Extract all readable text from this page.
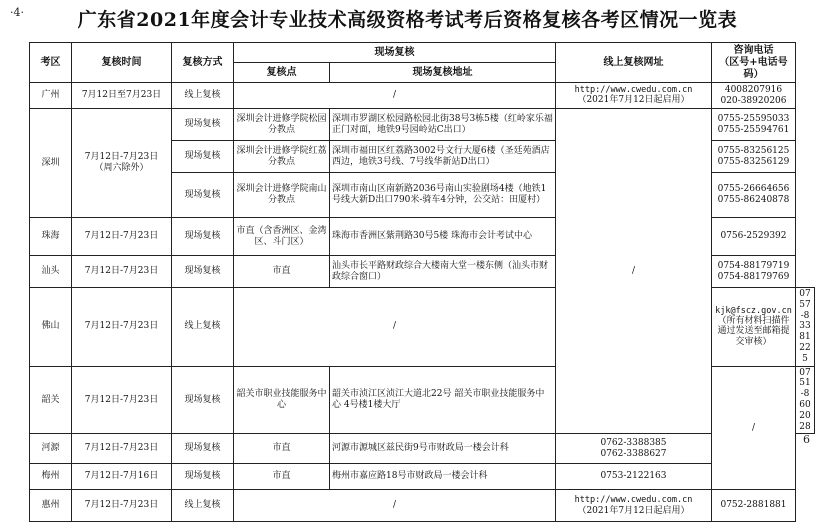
·4·
6
广东省2021年度会计专业技术高级资格考试考后资格复核各考区情况一览表
考区	复核时间	复核方式	现场复核		线上复核网址	咨询电话
（区号+电话号码）	

			复核点	现场复核地址			
广州	7月12日至7月23日	线上复核	/		http://www.cwedu.com.cn
（2021年7月12日起启用）	4008207916
020-38920206	

深圳	7月12日-7月23日
（周六除外）	现场复核	深圳会计进修学院松园分教点	深圳市罗湖区松园路松园北街38号3栋5楼（红岭家乐福正门对面，地铁9号园岭站C出口）	/	0755-25595033
0755-25594761	

		现场复核	深圳会计进修学院红荔分教点	深圳市福田区红荔路3002号文行大厦6楼（圣廷苑酒店西边，地铁3号线、7号线华新站D出口）		0755-83256125
0755-83256129	

		现场复核	深圳会计进修学院南山分教点	深圳市南山区南新路2036号南山实验剧场4楼（地铁1号线大新D出口790米-骑车4分钟，公交站：田厦村）		0755-26664656
0755-86240878	

珠海	7月12日-7月23日	现场复核	市直（含香洲区、金湾区、斗门区）	珠海市香洲区紫荆路30号5楼 珠海市会计考试中心		0756-2529392	
汕头	7月12日-7月23日	现场复核	市直	汕头市长平路财政综合大楼南大堂一楼东侧（汕头市财政综合窗口）		0754-88179719
0754-88179769	

佛山	7月12日-7月23日	线上复核	/			kjk@fscz.gov.cn
（所有材料扫描件通过发送至邮箱提交审核）	0757-83381225
韶关	7月12日-7月23日	现场复核	韶关市职业技能服务中心	韶关市浈江区浈江大道北22号 韶关市职业技能服务中心 4号楼1楼大厅		/	0751-8602028
河源	7月12日-7月23日	现场复核	市直	河源市源城区兹民街9号市财政局一楼会计科	0762-3388385
0762-3388627		

梅州	7月12日-7月16日	现场复核	市直	梅州市嘉应路18号市财政局一楼会计科	0753-2122163		
惠州	7月12日-7月23日	线上复核	/		http://www.cwedu.com.cn
（2021年7月12日起启用）	0752-2881881	
